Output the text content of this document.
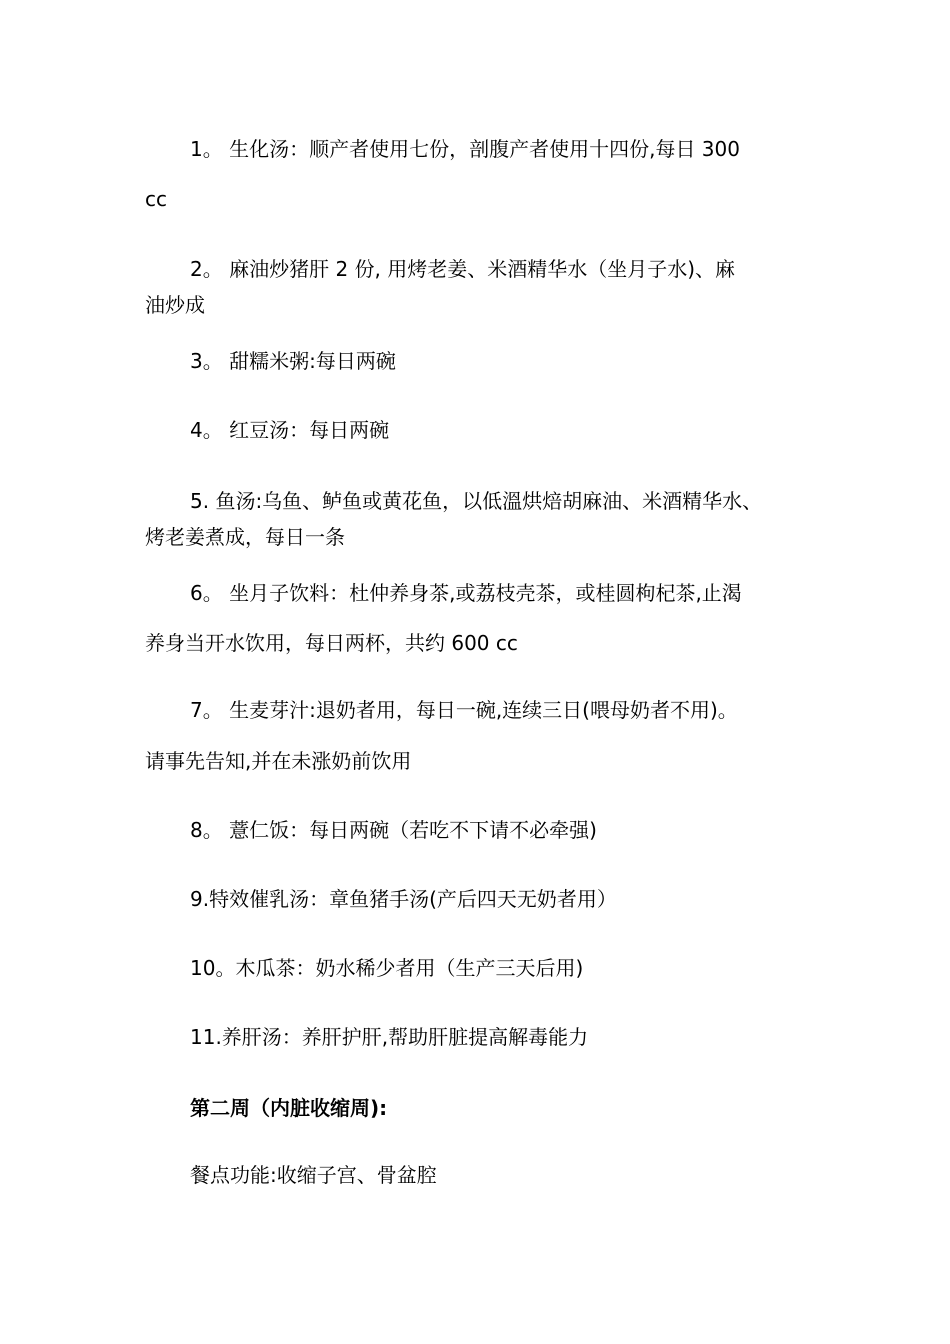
1。 生化汤：顺产者使用七份，剖腹产者使用十四份,每日 300
cc
2。 麻油炒猪肝 2 份, 用烤老姜、米酒精华水（坐月子水)、麻
油炒成
3。 甜糯米粥:每日两碗
4。 红豆汤：每日两碗
5. 鱼汤:乌鱼、鲈鱼或黄花鱼，以低溫烘焙胡麻油、米酒精华水、
烤老姜煮成，每日一条
6。 坐月子饮料：杜仲养身茶,或荔枝壳茶，或桂圆枸杞茶,止渴
养身当开水饮用，每日两杯，共约 600 cc
7。 生麦芽汁:退奶者用，每日一碗,连续三日(喂母奶者不用)。
请事先告知,并在未涨奶前饮用
8。 薏仁饭：每日两碗（若吃不下请不必牵强)
9.特效催乳汤：章鱼猪手汤(产后四天无奶者用）
10。木瓜茶：奶水稀少者用（生产三天后用)
11.养肝汤：养肝护肝,帮助肝脏提高解毒能力
第二周（内脏收缩周):
餐点功能:收缩子宫、骨盆腔
